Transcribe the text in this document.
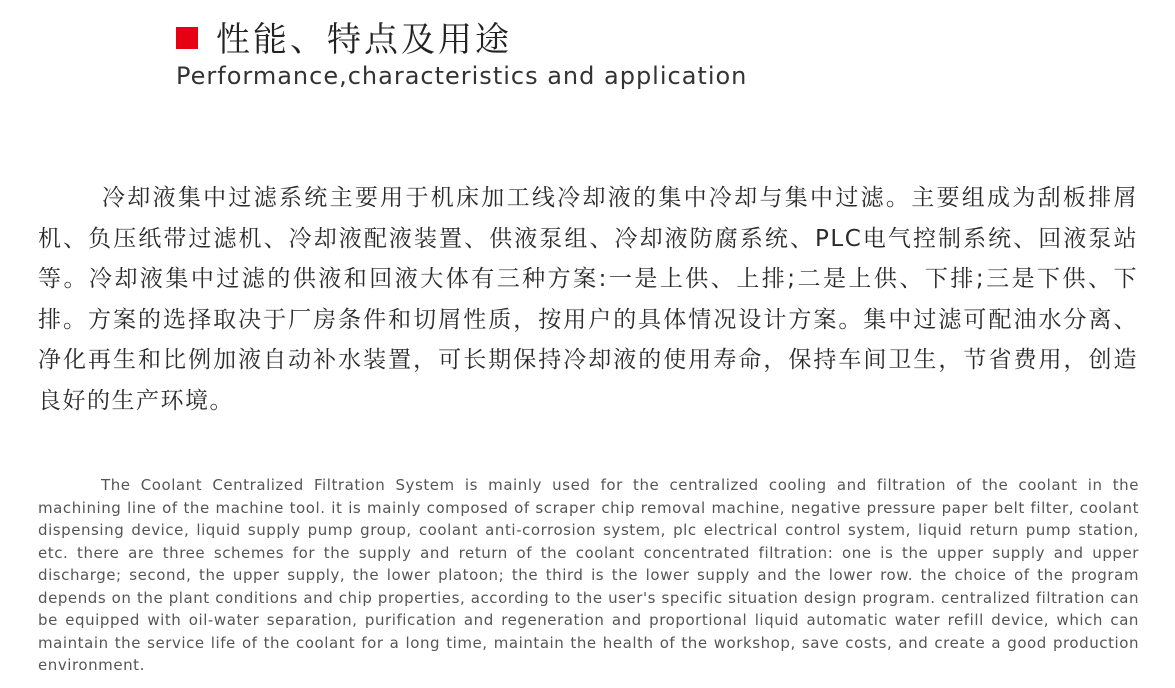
性能、特点及用途
Performance,characteristics and application

冷却液集中过滤系统主要用于机床加工线冷却液的集中冷却与集中过滤。主要组成为刮板排屑机、负压纸带过滤机、冷却液配液装置、供液泵组、冷却液防腐系统、PLC电气控制系统、回液泵站等。冷却液集中过滤的供液和回液大体有三种方案:一是上供、上排;二是上供、下排;三是下供、下排。方案的选择取决于厂房条件和切屑性质，按用户的具体情况设计方案。集中过滤可配油水分离、净化再生和比例加液自动补水装置，可长期保持冷却液的使用寿命，保持车间卫生，节省费用，创造良好的生产环境。

The Coolant Centralized Filtration System is mainly used for the centralized cooling and filtration of the coolant in the machining line of the machine tool. it is mainly composed of scraper chip removal machine, negative pressure paper belt filter, coolant dispensing device, liquid supply pump group, coolant anti-corrosion system, plc electrical control system, liquid return pump station, etc. there are three schemes for the supply and return of the coolant concentrated filtration: one is the upper supply and upper discharge; second, the upper supply, the lower platoon; the third is the lower supply and the lower row. the choice of the program depends on the plant conditions and chip properties, according to the user's specific situation design program. centralized filtration can be equipped with oil-water separation, purification and regeneration and proportional liquid automatic water refill device, which can maintain the service life of the coolant for a long time, maintain the health of the workshop, save costs, and create a good production environment.
